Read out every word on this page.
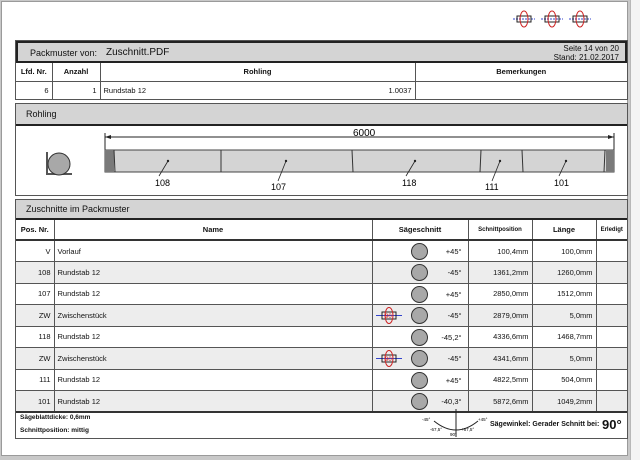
Packmuster von: Zuschnitt.PDF	Seite 14 von 20
Stand: 21.02.2017
Lfd. Nr.	Anzahl	Rohling	Bemerkungen
6	1	Rundstab 12 1.0037	

Rohling
6000
108	107	118	111	101
Zuschnitte im Packmuster
Pos. Nr.	Name	Sägeschnitt	Schnittposition	Länge	Erledigt
V	Vorlauf	+45°	100,4mm	100,0mm	
108	Rundstab 12	-45°	1361,2mm	1260,0mm	
107	Rundstab 12	+45°	2850,0mm	1512,0mm	
ZW	Zwischenstück	90 -45°	2879,0mm	5,0mm	
118	Rundstab 12	-45,2°	4336,6mm	1468,7mm	
ZW	Zwischenstück	90 -45°	4341,6mm	5,0mm	
111	Rundstab 12	+45°	4822,5mm	504,0mm	
101	Rundstab 12	-40,3°	5872,6mm	1049,2mm	
Sägeblattdicke: 0,6mm
Schnittposition: mittig
-45°
-67,5°
90°
+67,5°
+45°
Sägewinkel: Gerader Schnitt bei: 90°
